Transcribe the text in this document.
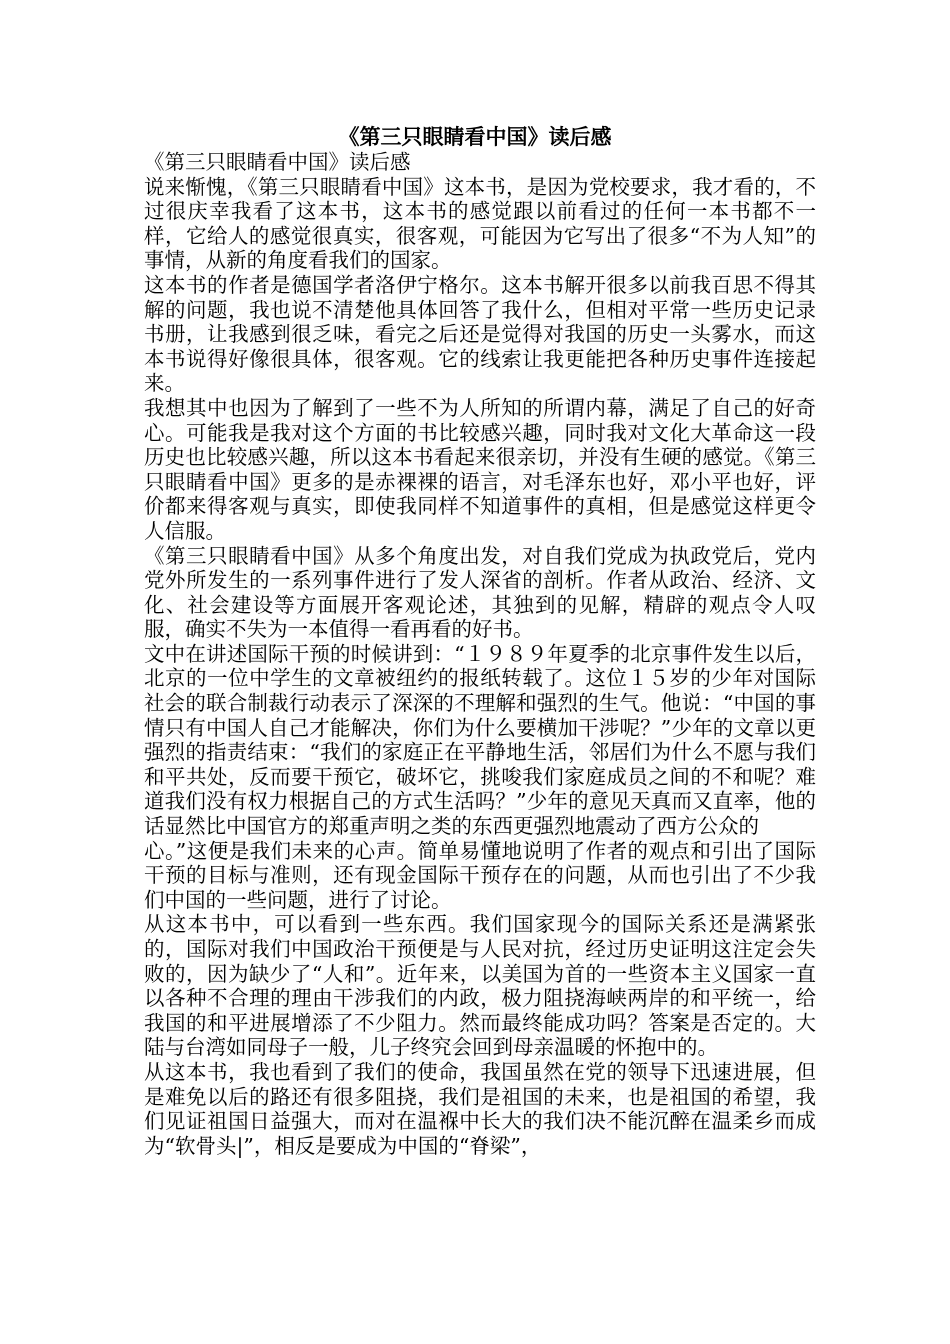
《第三只眼睛看中国》读后感

《第三只眼睛看中国》读后感

说来惭愧，《第三只眼睛看中国》这本书，是因为党校要求，我才看的，不过很庆幸我看了这本书，这本书的感觉跟以前看过的任何一本书都不一样，它给人的感觉很真实，很客观，可能因为它写出了很多“不为人知”的事情，从新的角度看我们的国家。

这本书的作者是德国学者洛伊宁格尔。这本书解开很多以前我百思不得其解的问题，我也说不清楚他具体回答了我什么，但相对平常一些历史记录书册，让我感到很乏味，看完之后还是觉得对我国的历史一头雾水，而这本书说得好像很具体，很客观。它的线索让我更能把各种历史事件连接起来。

我想其中也因为了解到了一些不为人所知的所谓内幕，满足了自己的好奇心。可能我是我对这个方面的书比较感兴趣，同时我对文化大革命这一段历史也比较感兴趣，所以这本书看起来很亲切，并没有生硬的感觉。《第三只眼睛看中国》更多的是赤裸裸的语言，对毛泽东也好，邓小平也好，评价都来得客观与真实，即使我同样不知道事件的真相，但是感觉这样更令人信服。

《第三只眼睛看中国》从多个角度出发，对自我们党成为执政党后，党内党外所发生的一系列事件进行了发人深省的剖析。作者从政治、经济、文化、社会建设等方面展开客观论述，其独到的见解，精辟的观点令人叹服，确实不失为一本值得一看再看的好书。

文中在讲述国际干预的时候讲到：“１９８９年夏季的北京事件发生以后，北京的一位中学生的文章被纽约的报纸转载了。这位１５岁的少年对国际社会的联合制裁行动表示了深深的不理解和强烈的生气。他说：“中国的事情只有中国人自己才能解决，你们为什么要横加干涉呢？”少年的文章以更强烈的指责结束：“我们的家庭正在平静地生活，邻居们为什么不愿与我们和平共处，反而要干预它，破坏它，挑唆我们家庭成员之间的不和呢？难道我们没有权力根据自己的方式生活吗？”少年的意见天真而又直率，他的话显然比中国官方的郑重声明之类的东西更强烈地震动了西方公众的

心。”这便是我们未来的心声。简单易懂地说明了作者的观点和引出了国际干预的目标与准则，还有现金国际干预存在的问题，从而也引出了不少我们中国的一些问题，进行了讨论。

从这本书中，可以看到一些东西。我们国家现今的国际关系还是满紧张的，国际对我们中国政治干预便是与人民对抗，经过历史证明这注定会失败的，因为缺少了“人和”。近年来，以美国为首的一些资本主义国家一直以各种不合理的理由干涉我们的内政，极力阻挠海峡两岸的和平统一，给我国的和平进展增添了不少阻力。然而最终能成功吗？答案是否定的。大陆与台湾如同母子一般，儿子终究会回到母亲温暖的怀抱中的。

从这本书，我也看到了我们的使命，我国虽然在党的领导下迅速进展，但是难免以后的路还有很多阻挠，我们是祖国的未来，也是祖国的希望，我们见证祖国日益强大，而对在温褓中长大的我们决不能沉醉在温柔乡而成为“软骨头|”，相反是要成为中国的“脊梁”，
